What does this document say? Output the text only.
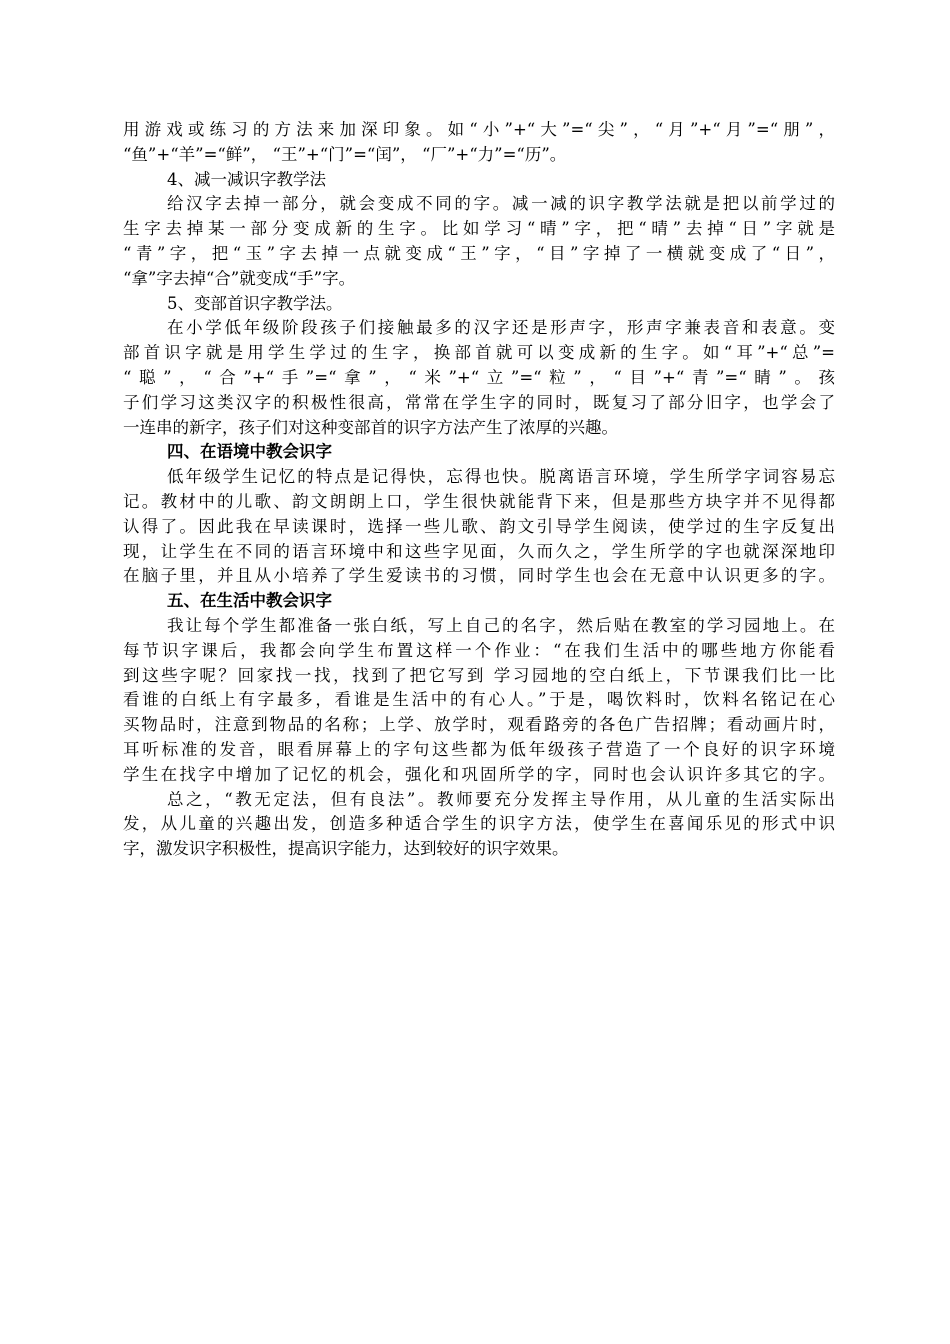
用游戏或练习的方法来加深印象。如“小”+“大”=“尖”，“月”+“月”=“朋”，
“鱼”+“羊”=“鲜”， “王”+“门”=“闰”， “厂”+“力”=“历”。
4、减一减识字教学法
给汉字去掉一部分，就会变成不同的字。减一减的识字教学法就是把以前学过的
生字去掉某一部分变成新的生字。比如学习“晴”字，把“晴”去掉“日”字就是
“青”字，把“玉”字去掉一点就变成“王”字，“目”字掉了一横就变成了“日”，
“拿”字去掉“合”就变成“手”字。
5、变部首识字教学法。
在小学低年级阶段孩子们接触最多的汉字还是形声字，形声字兼表音和表意。变
部首识字就是用学生学过的生字，换部首就可以变成新的生字。如“耳”+“总”=
“聪”，“合”+“手”=“拿”，“米”+“立”=“粒”，“目”+“青”=“睛”。孩
子们学习这类汉字的积极性很高，常常在学生字的同时，既复习了部分旧字，也学会了
一连串的新字，孩子们对这种变部首的识字方法产生了浓厚的兴趣。
四、在语境中教会识字
低年级学生记忆的特点是记得快，忘得也快。脱离语言环境，学生所学字词容易忘
记。教材中的儿歌、韵文朗朗上口，学生很快就能背下来，但是那些方块字并不见得都
认得了。因此我在早读课时，选择一些儿歌、韵文引导学生阅读，使学过的生字反复出
现，让学生在不同的语言环境中和这些字见面，久而久之，学生所学的字也就深深地印
在脑子里，并且从小培养了学生爱读书的习惯，同时学生也会在无意中认识更多的字。
五、在生活中教会识字
我让每个学生都准备一张白纸，写上自己的名字，然后贴在教室的学习园地上。在
每节识字课后，我都会向学生布置这样一个作业：“在我们生活中的哪些地方你能看
到这些字呢？回家找一找，找到了把它写到 学习园地的空白纸上，下节课我们比一比
看谁的白纸上有字最多，看谁是生活中的有心人。”于是，喝饮料时，饮料名铭记在心
买物品时，注意到物品的名称；上学、放学时，观看路旁的各色广告招牌；看动画片时，
耳听标准的发音，眼看屏幕上的字句这些都为低年级孩子营造了一个良好的识字环境
学生在找字中增加了记忆的机会，强化和巩固所学的字，同时也会认识许多其它的字。
总之，“教无定法，但有良法”。教师要充分发挥主导作用，从儿童的生活实际出
发，从儿童的兴趣出发，创造多种适合学生的识字方法，使学生在喜闻乐见的形式中识
字，激发识字积极性，提高识字能力，达到较好的识字效果。
